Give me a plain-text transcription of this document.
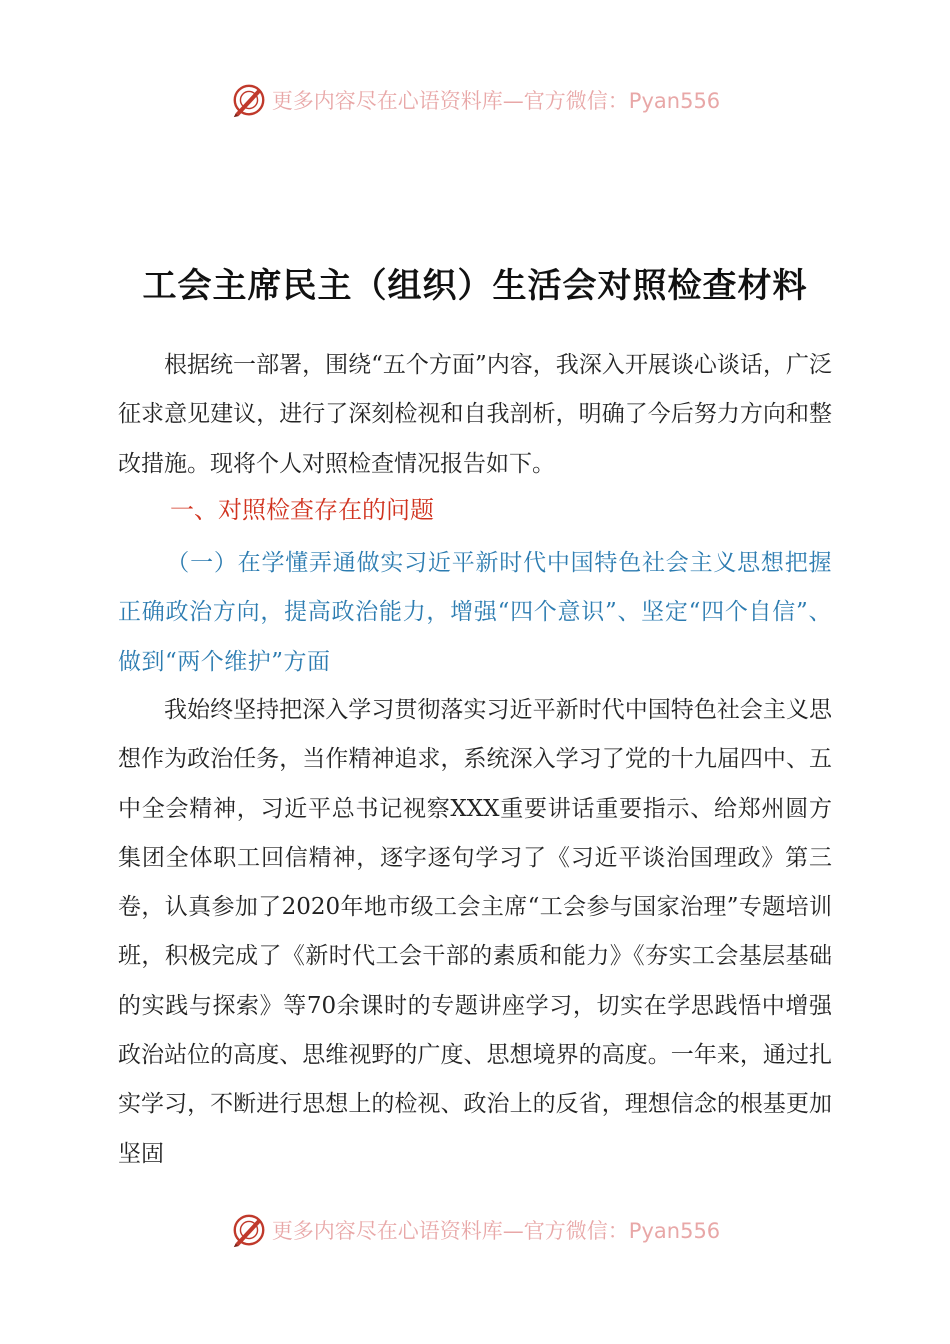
更多内容尽在心语资料库—官方微信：Pyan556
工会主席民主（组织）生活会对照检查材料
根据统一部署，围绕“五个方面”内容，我深入开展谈心谈话，广泛征求意见建议，进行了深刻检视和自我剖析，明确了今后努力方向和整改措施。现将个人对照检查情况报告如下。
一、对照检查存在的问题
（一）在学懂弄通做实习近平新时代中国特色社会主义思想把握正确政治方向，提高政治能力，增强“四个意识”、坚定“四个自信”、做到“两个维护”方面
我始终坚持把深入学习贯彻落实习近平新时代中国特色社会主义思想作为政治任务，当作精神追求，系统深入学习了党的十九届四中、五中全会精神，习近平总书记视察XXX重要讲话重要指示、给郑州圆方集团全体职工回信精神，逐字逐句学习了《习近平谈治国理政》第三卷，认真参加了2020年地市级工会主席“工会参与国家治理”专题培训班，积极完成了《新时代工会干部的素质和能力》《夯实工会基层基础的实践与探索》等70余课时的专题讲座学习，切实在学思践悟中增强政治站位的高度、思维视野的广度、思想境界的高度。一年来，通过扎实学习，不断进行思想上的检视、政治上的反省，理想信念的根基更加坚固
更多内容尽在心语资料库—官方微信：Pyan556
